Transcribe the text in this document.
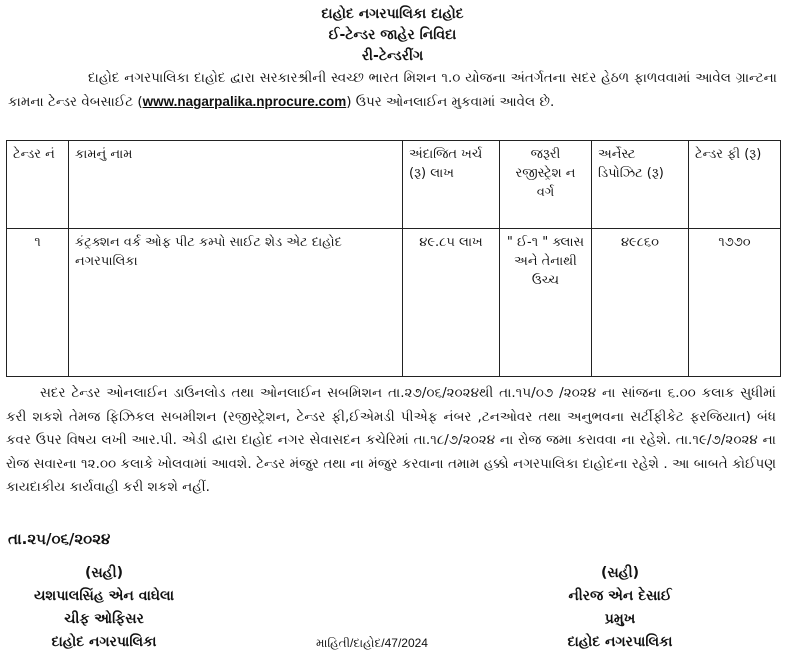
દાહોદ નગરપાલિકા દાહોદ
ઈ-ટેન્ડર જાહેર નિવિદા
રી-ટેન્ડરીંગ
દાહોદ નગરપાલિકા દાહોદ દ્વારા સરકારશ્રીની સ્વચ્છ ભારત મિશન ૧.૦ યોજના અંતર્ગતના સદર હેઠળ ફાળવવામાં આવેલ ગ્રાન્ટના કામના ટેન્ડર વેબસાઈટ (www.nagarpalika.nprocure.com) ઉપર ઓનલાઈન મુકવામાં આવેલ છે.
ટેન્ડર નં	કામનું નામ	અંદાજિત ખર્ચ (રૂ) લાખ	જરૂરી રજીસ્ટ્રેશ ન વર્ગ	અર્નેસ્ટ ડિપોઝિટ (રૂ)	ટેન્ડર ફી (રૂ)
૧	કંટ્રક્શન વર્ક ઓફ પીટ કમ્પો સાઈટ શેડ એટ દાહોદ નગરપાલિકા	૪૯.૮૫ લાખ	" ઈ-૧ " ક્લાસ અને તેનાથી ઉચ્ચ	૪૯૮૬૦	૧૭૭૦
સદર ટેન્ડર ઓનલાઈન ડાઉનલોડ તથા ઓનલાઈન સબમિશન તા.૨૭/૦૬/૨૦૨૪થી તા.૧૫/૦૭ /૨૦૨૪ ના સાંજના ૬.૦૦ કલાક સુધીમાં કરી શકશે તેમજ ફિઝિકલ સબમીશન (રજીસ્ટ્રેશન, ટેન્ડર ફી,ઈએમડી પીએફ નંબર ,ટનઓવર તથા અનુભવના સર્ટીફીકેટ ફરજિયાત) બંધ કવર ઉપર વિષય લખી આર.પી. એડી દ્વારા દાહોદ નગર સેવાસદન કચેરિમાં તા.૧૮/૭/૨૦૨૪ ના રોજ જમા કરાવવા ના રહેશે. તા.૧૯/૭/૨૦૨૪ ના રોજ સવારના ૧૨.૦૦ કલાકે ખોલવામાં આવશે. ટેન્ડર મંજુર તથા ના મંજુર કરવાના તમામ હક્કો નગરપાલિકા દાહોદના રહેશે . આ બાબતે કોઈપણ કાયદાકીય કાર્યવાહી કરી શકશે નહીં.
તા.૨૫/૦૬/૨૦૨૪
(સહી)
યશપાલસિંહ એન વાઘેલા
ચીફ ઓફિસર
દાહોદ નગરપાલિકા	માહિતી/દાહોદ/47/2024
(સહી)
નીરજ એન દેસાઈ
પ્રમુખ
દાહોદ નગરપાલિકા
